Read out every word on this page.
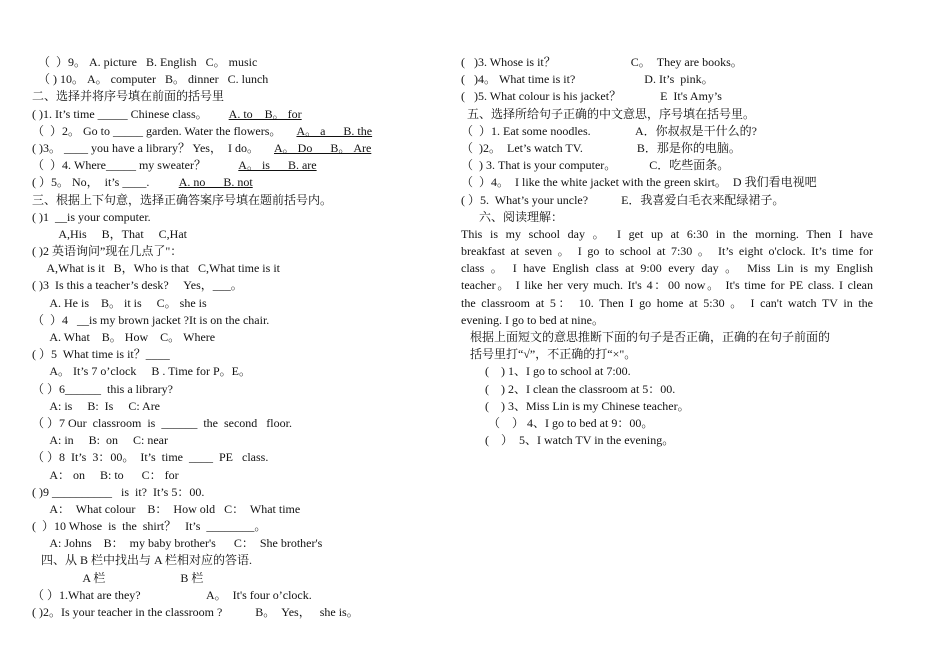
（  ）9。 A. picture   B. English   C。 music
（ ) 10。 A。 computer   B。 dinner   C. lunch
二、选择并将序号填在前面的括号里
( )1. It’s time _____ Chinese class。       A. to    B。 for
（  ）2。 Go to _____ garden. Water the flowers。     A。 a      B. the
( )3。 ____ you have a library？ Yes，  I do。     A。 Do      B。 Are
（  ）4. Where_____ my sweater？           A。 is      B. are
( ）5。 No，  it’s ____.          A. no      B. not
三、根据上下句意，选择正确答案序号填在题前括号内。
( )1  __is your computer.
A,His     B，That     C,Hat
( )2 英语询问”现在几点了"：
A,What is it   B，Who is that   C,What time is it
( )3  Is this a teacher’s desk?     Yes，___。
A. He is    B。 it is     C。 she is
（  ）4   __is my brown jacket ?It is on the chair.
A. What    B。 How    C。 Where
( ）5  What time is it？____
A。 It’s 7 o’clock     B . Time for P。E。
（ ）6______  this a library?
A: is     B:  Is     C: Are
（ ）7 Our  classroom  is  ______  the  second   floor.
A: in     B:  on     C: near
（ ）8  It’s  3：00。  It’s  time  ____  PE   class.
A： on     B: to      C： for
( )9 __________   is  it?  It’s 5：00.
A：  What colour    B：  How old   C：  What time
(  ）10 Whose  is  the  shirt？   It’s  ________。
A: Johns    B：  my baby brother's      C：  She brother's
四、从 B 栏中找出与 A 栏相对应的答语.
A 栏                         B 栏
（ ）1.What are they?                      A。  It's four o’clock.
( )2。Is your teacher in the classroom ?           B。  Yes，   she is。
(   )3. Whose is it？                         C。  They are books。
(   )4。 What time is it?                       D. It’s  pink。
(   )5. What colour is his jacket？             E  It's Amy’s
五、选择所给句子正确的中文意思，序号填在括号里。
（  ）1. Eat some noodles.               A．你叔叔是干什么的?
（  )2。  Let’s watch TV.                  B．那是你的电脑。
（  ) 3. That is your computer。           C．吃些面条。
（  ）4。  I like the white jacket with the green skirt。  D 我们看电视吧
( ）5.  What’s your uncle?           E．我喜爱白毛衣来配绿裙子。
六、阅读理解：
This is my school day 。 I get up at 6:30 in the morning. Then I have
breakfast at seven 。 I go to school at 7:30 。 It’s eight o'clock. It’s time for
class 。 I have English class at 9:00 every day 。 Miss Lin is my English
teacher。 I like her very much. It's 4：00 now。 It's time for PE class. I clean
the classroom at 5： 10. Then I go home at 5:30 。 I can't watch TV in the
evening. I go to bed at nine。
根据上面短文的意思推断下面的句子是否正确，正确的在句子前面的
括号里打“√”，不正确的打“×"。
(    ) 1、I go to school at 7:00.
(    ) 2、I clean the classroom at 5：00.
(    ) 3、Miss Lin is my Chinese teacher。
（    ） 4、I go to bed at 9：00。
(    ）  5、I watch TV in the evening。
